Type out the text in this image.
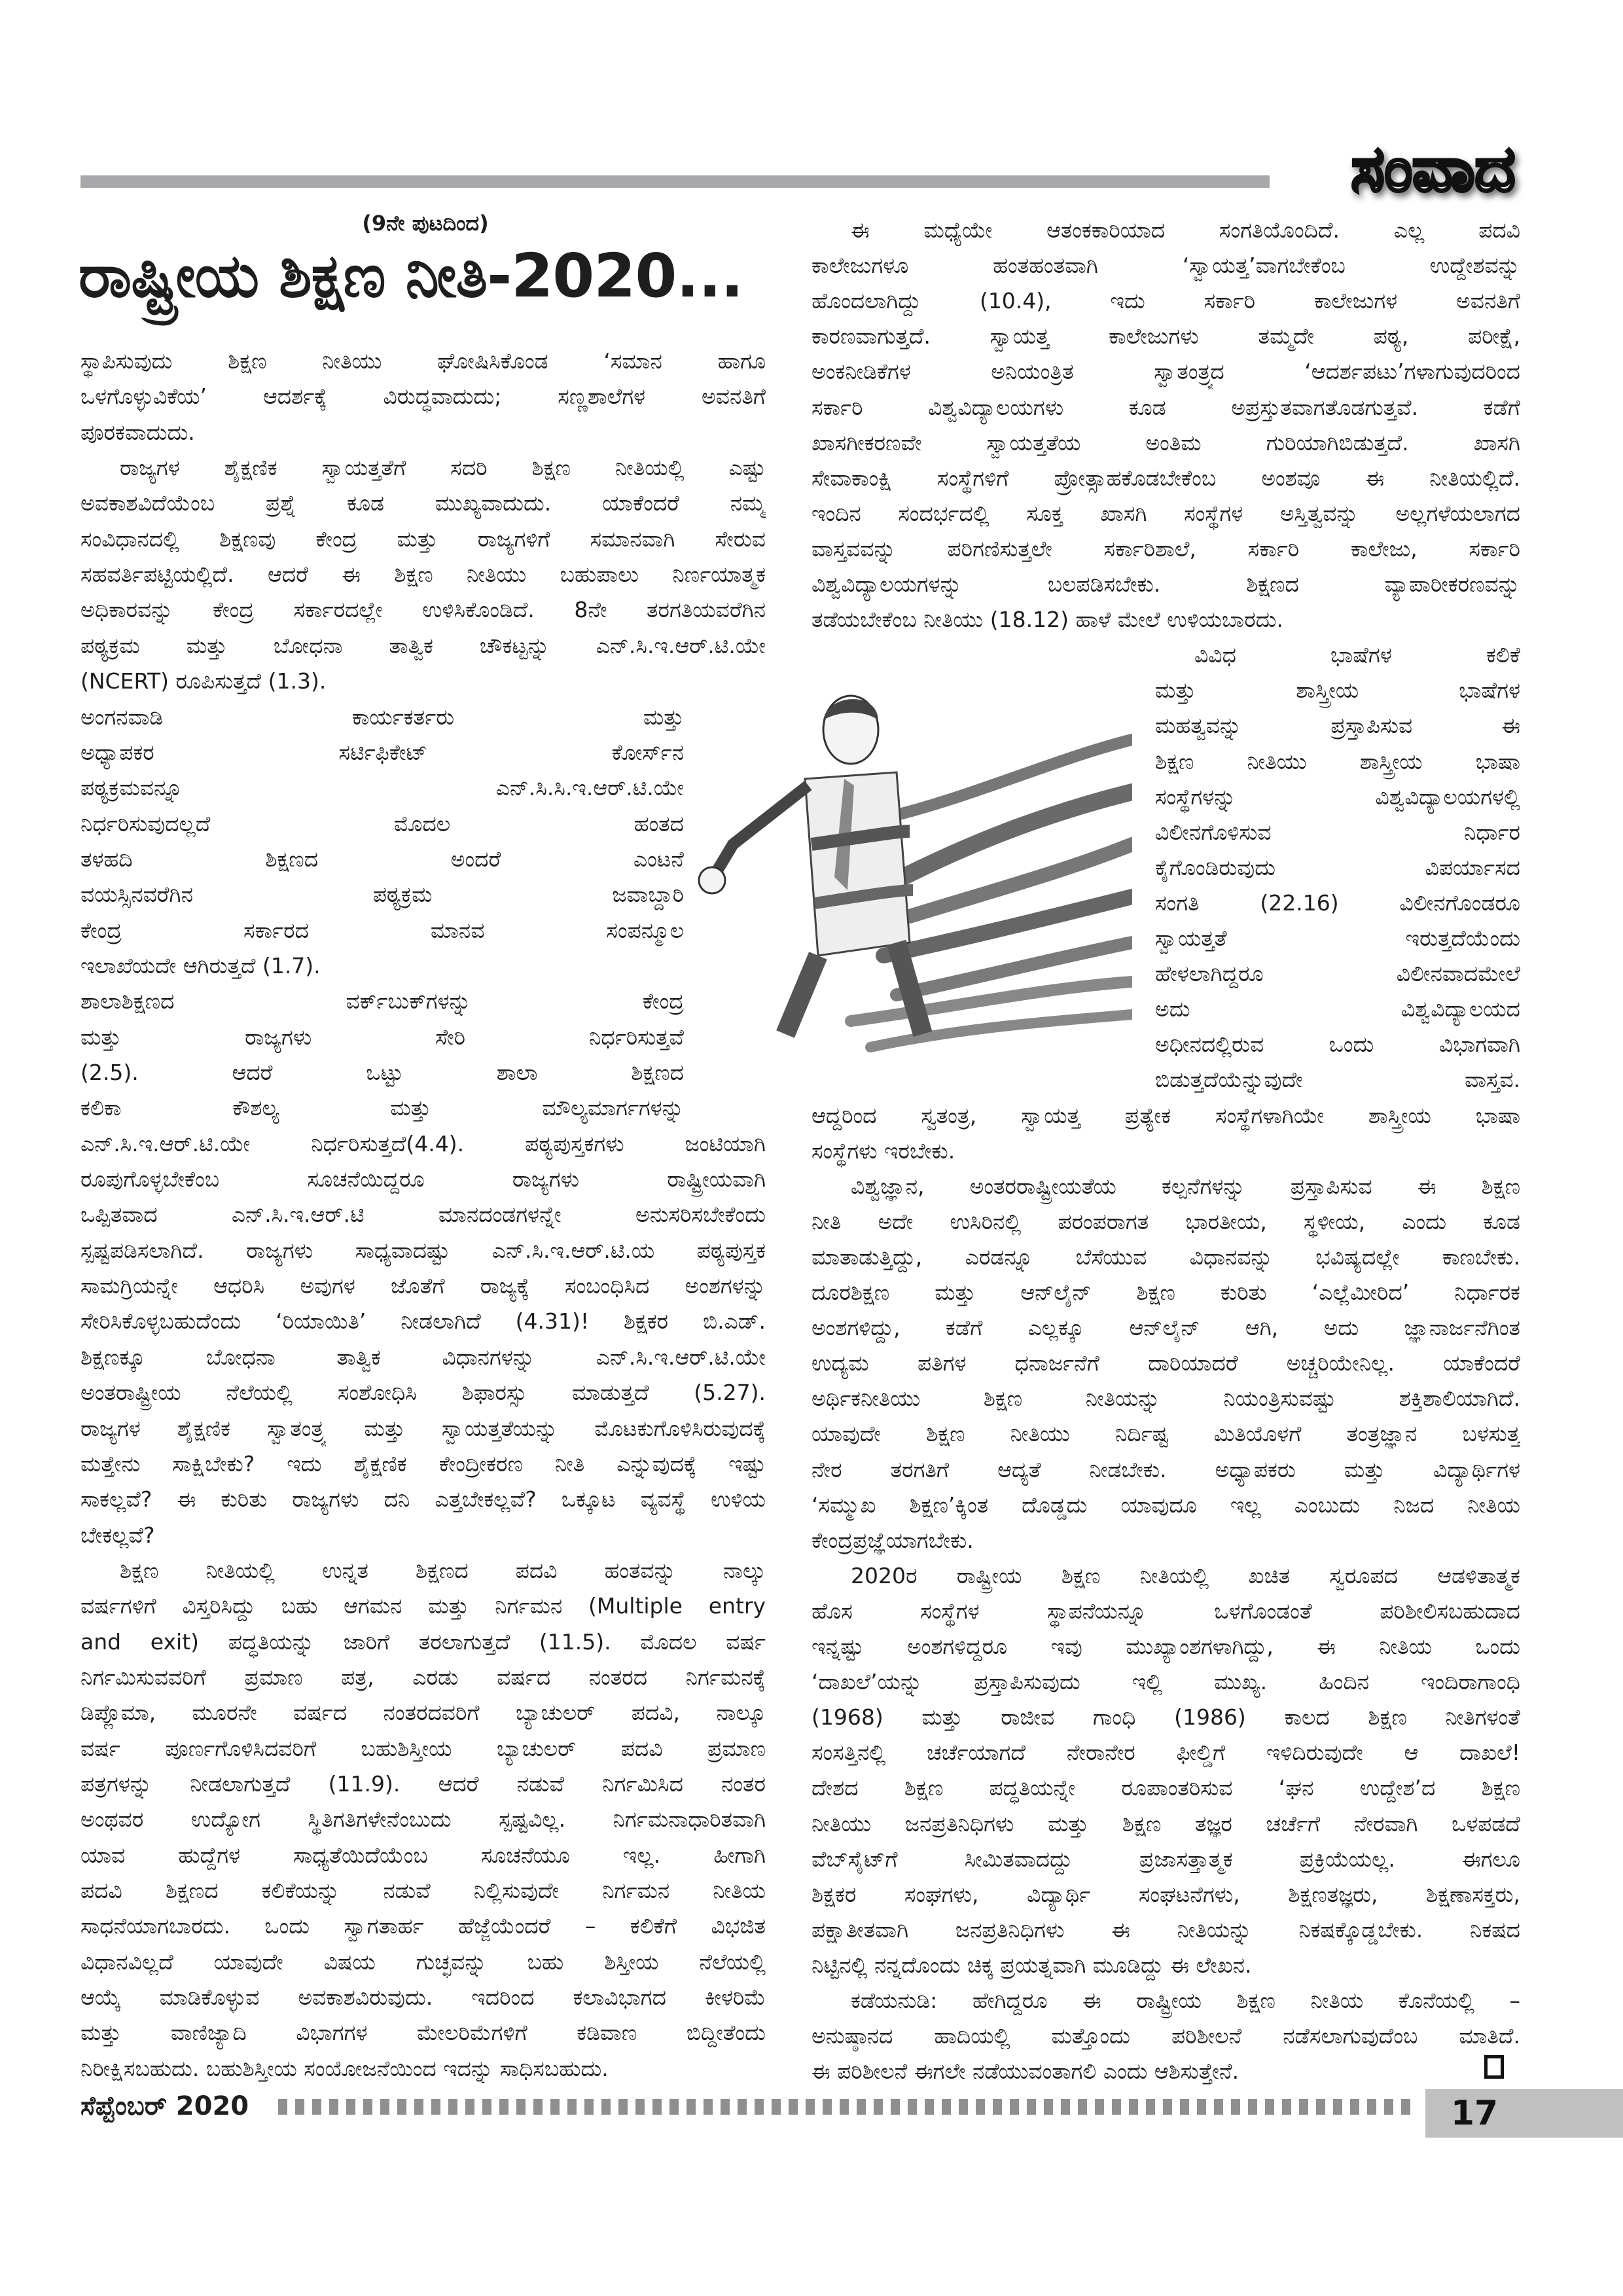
ಸಂವಾದ
(9ನೇ ಪುಟದಿಂದ)
ರಾಷ್ಟ್ರೀಯ ಶಿಕ್ಷಣ ನೀತಿ-2020...
ಸ್ಥಾಪಿಸುವುದು ಶಿಕ್ಷಣ ನೀತಿಯು ಘೋಷಿಸಿಕೊಂಡ ‘ಸಮಾನ ಹಾಗೂ
ಒಳಗೊಳ್ಳುವಿಕೆಯ’ ಆದರ್ಶಕ್ಕೆ ವಿರುದ್ಧವಾದುದು; ಸಣ್ಣಶಾಲೆಗಳ ಅವನತಿಗೆ
ಪೂರಕವಾದುದು.
ರಾಜ್ಯಗಳ ಶೈಕ್ಷಣಿಕ ಸ್ವಾಯತ್ತತೆಗೆ ಸದರಿ ಶಿಕ್ಷಣ ನೀತಿಯಲ್ಲಿ ಎಷ್ಟು
ಅವಕಾಶವಿದೆಯೆಂಬ ಪ್ರಶ್ನೆ ಕೂಡ ಮುಖ್ಯವಾದುದು. ಯಾಕೆಂದರೆ ನಮ್ಮ
ಸಂವಿಧಾನದಲ್ಲಿ ಶಿಕ್ಷಣವು ಕೇಂದ್ರ ಮತ್ತು ರಾಜ್ಯಗಳಿಗೆ ಸಮಾನವಾಗಿ ಸೇರುವ
ಸಹವರ್ತಿಪಟ್ಟಿಯಲ್ಲಿದೆ. ಆದರೆ ಈ ಶಿಕ್ಷಣ ನೀತಿಯು ಬಹುಪಾಲು ನಿರ್ಣಯಾತ್ಮಕ
ಅಧಿಕಾರವನ್ನು ಕೇಂದ್ರ ಸರ್ಕಾರದಲ್ಲೇ ಉಳಿಸಿಕೊಂಡಿದೆ. 8ನೇ ತರಗತಿಯವರೆಗಿನ
ಪಠ್ಯಕ್ರಮ ಮತ್ತು ಬೋಧನಾ ತಾತ್ವಿಕ ಚೌಕಟ್ಟನ್ನು ಎನ್.ಸಿ.ಇ.ಆರ್.ಟಿ.ಯೇ
(NCERT) ರೂಪಿಸುತ್ತದೆ (1.3).
ಅಂಗನವಾಡಿ ಕಾರ್ಯಕರ್ತರು ಮತ್ತು
ಅಧ್ಯಾಪಕರ ಸರ್ಟಿಫಿಕೇಟ್ ಕೋರ್ಸ್‌ನ
ಪಠ್ಯಕ್ರಮವನ್ನೂ ಎನ್.ಸಿ.ಸಿ.ಇ.ಆರ್.ಟಿ.ಯೇ
ನಿರ್ಧರಿಸುವುದಲ್ಲದೆ ಮೊದಲ ಹಂತದ
ತಳಹದಿ ಶಿಕ್ಷಣದ ಅಂದರೆ ಎಂಟನೆ
ವಯಸ್ಸಿನವರೆಗಿನ ಪಠ್ಯಕ್ರಮ ಜವಾಬ್ದಾರಿ
ಕೇಂದ್ರ ಸರ್ಕಾರದ ಮಾನವ ಸಂಪನ್ಮೂಲ
ಇಲಾಖೆಯದೇ ಆಗಿರುತ್ತದೆ (1.7).
ಶಾಲಾಶಿಕ್ಷಣದ ವರ್ಕ್‌ಬುಕ್‌ಗಳನ್ನು ಕೇಂದ್ರ
ಮತ್ತು ರಾಜ್ಯಗಳು ಸೇರಿ ನಿರ್ಧರಿಸುತ್ತವೆ
(2.5). ಆದರೆ ಒಟ್ಟು ಶಾಲಾ ಶಿಕ್ಷಣದ
ಕಲಿಕಾ ಕೌಶಲ್ಯ ಮತ್ತು ಮೌಲ್ಯಮಾರ್ಗಗಳನ್ನು
ಎನ್.ಸಿ.ಇ.ಆರ್.ಟಿ.ಯೇ ನಿರ್ಧರಿಸುತ್ತದೆ(4.4). ಪಠ್ಯಪುಸ್ತಕಗಳು ಜಂಟಿಯಾಗಿ
ರೂಪುಗೊಳ್ಳಬೇಕೆಂಬ ಸೂಚನೆಯಿದ್ದರೂ ರಾಜ್ಯಗಳು ರಾಷ್ಟ್ರೀಯವಾಗಿ
ಒಪ್ಪಿತವಾದ ಎನ್.ಸಿ.ಇ.ಆರ್.ಟಿ ಮಾನದಂಡಗಳನ್ನೇ ಅನುಸರಿಸಬೇಕೆಂದು
ಸ್ಪಷ್ಟಪಡಿಸಲಾಗಿದೆ. ರಾಜ್ಯಗಳು ಸಾಧ್ಯವಾದಷ್ಟು ಎನ್.ಸಿ.ಇ.ಆರ್.ಟಿ.ಯ ಪಠ್ಯಪುಸ್ತಕ
ಸಾಮಗ್ರಿಯನ್ನೇ ಆಧರಿಸಿ ಅವುಗಳ ಜೊತೆಗೆ ರಾಜ್ಯಕ್ಕೆ ಸಂಬಂಧಿಸಿದ ಅಂಶಗಳನ್ನು
ಸೇರಿಸಿಕೊಳ್ಳಬಹುದೆಂದು ‘ರಿಯಾಯಿತಿ’ ನೀಡಲಾಗಿದೆ (4.31)! ಶಿಕ್ಷಕರ ಬಿ.ಎಡ್.
ಶಿಕ್ಷಣಕ್ಕೂ ಬೋಧನಾ ತಾತ್ವಿಕ ವಿಧಾನಗಳನ್ನು ಎನ್.ಸಿ.ಇ.ಆರ್.ಟಿ.ಯೇ
ಅಂತರಾಷ್ಟ್ರೀಯ ನೆಲೆಯಲ್ಲಿ ಸಂಶೋಧಿಸಿ ಶಿಫಾರಸ್ಸು ಮಾಡುತ್ತದೆ (5.27).
ರಾಜ್ಯಗಳ ಶೈಕ್ಷಣಿಕ ಸ್ವಾತಂತ್ರ್ಯ ಮತ್ತು ಸ್ವಾಯತ್ತತೆಯನ್ನು ಮೊಟಕುಗೊಳಿಸಿರುವುದಕ್ಕೆ
ಮತ್ತೇನು ಸಾಕ್ಷಿಬೇಕು? ಇದು ಶೈಕ್ಷಣಿಕ ಕೇಂದ್ರೀಕರಣ ನೀತಿ ಎನ್ನುವುದಕ್ಕೆ ಇಷ್ಟು
ಸಾಕಲ್ಲವೆ? ಈ ಕುರಿತು ರಾಜ್ಯಗಳು ದನಿ ಎತ್ತಬೇಕಲ್ಲವೆ? ಒಕ್ಕೂಟ ವ್ಯವಸ್ಥೆ ಉಳಿಯ
ಬೇಕಲ್ಲವೆ?
ಶಿಕ್ಷಣ ನೀತಿಯಲ್ಲಿ ಉನ್ನತ ಶಿಕ್ಷಣದ ಪದವಿ ಹಂತವನ್ನು ನಾಲ್ಕು
ವರ್ಷಗಳಿಗೆ ವಿಸ್ತರಿಸಿದ್ದು ಬಹು ಆಗಮನ ಮತ್ತು ನಿರ್ಗಮನ (Multiple entry
and exit) ಪದ್ಧತಿಯನ್ನು ಜಾರಿಗೆ ತರಲಾಗುತ್ತದೆ (11.5). ಮೊದಲ ವರ್ಷ
ನಿರ್ಗಮಿಸುವವರಿಗೆ ಪ್ರಮಾಣ ಪತ್ರ, ಎರಡು ವರ್ಷದ ನಂತರದ ನಿರ್ಗಮನಕ್ಕೆ
ಡಿಪ್ಲೊಮಾ, ಮೂರನೇ ವರ್ಷದ ನಂತರದವರಿಗೆ ಬ್ಯಾಚುಲರ್ ಪದವಿ, ನಾಲ್ಕೂ
ವರ್ಷ ಪೂರ್ಣಗೊಳಿಸಿದವರಿಗೆ ಬಹುಶಿಸ್ತೀಯ ಬ್ಯಾಚುಲರ್ ಪದವಿ ಪ್ರಮಾಣ
ಪತ್ರಗಳನ್ನು ನೀಡಲಾಗುತ್ತದೆ (11.9). ಆದರೆ ನಡುವೆ ನಿರ್ಗಮಿಸಿದ ನಂತರ
ಅಂಥವರ ಉದ್ಯೋಗ ಸ್ಥಿತಿಗತಿಗಳೇನೆಂಬುದು ಸ್ಪಷ್ಟವಿಲ್ಲ. ನಿರ್ಗಮನಾಧಾರಿತವಾಗಿ
ಯಾವ ಹುದ್ದೆಗಳ ಸಾಧ್ಯತೆಯಿದೆಯೆಂಬ ಸೂಚನೆಯೂ ಇಲ್ಲ. ಹೀಗಾಗಿ
ಪದವಿ ಶಿಕ್ಷಣದ ಕಲಿಕೆಯನ್ನು ನಡುವೆ ನಿಲ್ಲಿಸುವುದೇ ನಿರ್ಗಮನ ನೀತಿಯ
ಸಾಧನೆಯಾಗಬಾರದು. ಒಂದು ಸ್ವಾಗತಾರ್ಹ ಹೆಜ್ಜೆಯೆಂದರೆ – ಕಲಿಕೆಗೆ ವಿಭಜಿತ
ವಿಧಾನವಿಲ್ಲದೆ ಯಾವುದೇ ವಿಷಯ ಗುಚ್ಛವನ್ನು ಬಹು ಶಿಸ್ತೀಯ ನೆಲೆಯಲ್ಲಿ
ಆಯ್ಕೆ ಮಾಡಿಕೊಳ್ಳುವ ಅವಕಾಶವಿರುವುದು. ಇದರಿಂದ ಕಲಾವಿಭಾಗದ ಕೀಳರಿಮೆ
ಮತ್ತು ವಾಣಿಜ್ಯಾದಿ ವಿಭಾಗಗಳ ಮೇಲರಿಮೆಗಳಿಗೆ ಕಡಿವಾಣ ಬಿದ್ದೀತೆಂದು
ನಿರೀಕ್ಷಿಸಬಹುದು. ಬಹುಶಿಸ್ತೀಯ ಸಂಯೋಜನೆಯಿಂದ ಇದನ್ನು ಸಾಧಿಸಬಹುದು.
ಈ ಮಧ್ಯೆಯೇ ಆತಂಕಕಾರಿಯಾದ ಸಂಗತಿಯೊಂದಿದೆ. ಎಲ್ಲ ಪದವಿ
ಕಾಲೇಜುಗಳೂ ಹಂತಹಂತವಾಗಿ ‘ಸ್ವಾಯತ್ತ’ವಾಗಬೇಕೆಂಬ ಉದ್ದೇಶವನ್ನು
ಹೊಂದಲಾಗಿದ್ದು (10.4), ಇದು ಸರ್ಕಾರಿ ಕಾಲೇಜುಗಳ ಅವನತಿಗೆ
ಕಾರಣವಾಗುತ್ತದೆ. ಸ್ವಾಯತ್ತ ಕಾಲೇಜುಗಳು ತಮ್ಮದೇ ಪಠ್ಯ, ಪರೀಕ್ಷೆ,
ಅಂಕನೀಡಿಕೆಗಳ ಅನಿಯಂತ್ರಿತ ಸ್ವಾತಂತ್ರ್ಯದ ‘ಆದರ್ಶಪಟು’ಗಳಾಗುವುದರಿಂದ
ಸರ್ಕಾರಿ ವಿಶ್ವವಿದ್ಯಾಲಯಗಳು ಕೂಡ ಅಪ್ರಸ್ತುತವಾಗತೊಡಗುತ್ತವೆ. ಕಡೆಗೆ
ಖಾಸಗೀಕರಣವೇ ಸ್ವಾಯತ್ತತೆಯ ಅಂತಿಮ ಗುರಿಯಾಗಿಬಿಡುತ್ತದೆ. ಖಾಸಗಿ
ಸೇವಾಕಾಂಕ್ಷಿ ಸಂಸ್ಥೆಗಳಿಗೆ ಪ್ರೋತ್ಸಾಹಕೊಡಬೇಕೆಂಬ ಅಂಶವೂ ಈ ನೀತಿಯಲ್ಲಿದೆ.
ಇಂದಿನ ಸಂದರ್ಭದಲ್ಲಿ ಸೂಕ್ತ ಖಾಸಗಿ ಸಂಸ್ಥೆಗಳ ಅಸ್ತಿತ್ವವನ್ನು ಅಲ್ಲಗಳೆಯಲಾಗದ
ವಾಸ್ತವವನ್ನು ಪರಿಗಣಿಸುತ್ತಲೇ ಸರ್ಕಾರಿಶಾಲೆ, ಸರ್ಕಾರಿ ಕಾಲೇಜು, ಸರ್ಕಾರಿ
ವಿಶ್ವವಿದ್ಯಾಲಯಗಳನ್ನು ಬಲಪಡಿಸಬೇಕು. ಶಿಕ್ಷಣದ ವ್ಯಾಪಾರೀಕರಣವನ್ನು
ತಡೆಯಬೇಕೆಂಬ ನೀತಿಯು (18.12) ಹಾಳೆ ಮೇಲೆ ಉಳಿಯಬಾರದು.
ವಿವಿಧ ಭಾಷೆಗಳ ಕಲಿಕೆ
ಮತ್ತು ಶಾಸ್ತ್ರೀಯ ಭಾಷೆಗಳ
ಮಹತ್ವವನ್ನು ಪ್ರಸ್ತಾಪಿಸುವ ಈ
ಶಿಕ್ಷಣ ನೀತಿಯು ಶಾಸ್ತ್ರೀಯ ಭಾಷಾ
ಸಂಸ್ಥೆಗಳನ್ನು ವಿಶ್ವವಿದ್ಯಾಲಯಗಳಲ್ಲಿ
ವಿಲೀನಗೊಳಿಸುವ ನಿರ್ಧಾರ
ಕೈಗೊಂಡಿರುವುದು ವಿಪರ್ಯಾಸದ
ಸಂಗತಿ (22.16) ವಿಲೀನಗೊಂಡರೂ
ಸ್ವಾಯತ್ತತೆ ಇರುತ್ತದೆಯೆಂದು
ಹೇಳಲಾಗಿದ್ದರೂ ವಿಲೀನವಾದಮೇಲೆ
ಅದು ವಿಶ್ವವಿದ್ಯಾಲಯದ
ಅಧೀನದಲ್ಲಿರುವ ಒಂದು ವಿಭಾಗವಾಗಿ
ಬಿಡುತ್ತದೆಯೆನ್ನುವುದೇ ವಾಸ್ತವ.
ಆದ್ದರಿಂದ ಸ್ವತಂತ್ರ, ಸ್ವಾಯತ್ತ ಪ್ರತ್ಯೇಕ ಸಂಸ್ಥೆಗಳಾಗಿಯೇ ಶಾಸ್ತ್ರೀಯ ಭಾಷಾ
ಸಂಸ್ಥೆಗಳು ಇರಬೇಕು.
ವಿಶ್ವಜ್ಞಾನ, ಅಂತರರಾಷ್ಟ್ರೀಯತೆಯ ಕಲ್ಪನೆಗಳನ್ನು ಪ್ರಸ್ತಾಪಿಸುವ ಈ ಶಿಕ್ಷಣ
ನೀತಿ ಅದೇ ಉಸಿರಿನಲ್ಲಿ ಪರಂಪರಾಗತ ಭಾರತೀಯ, ಸ್ಥಳೀಯ, ಎಂದು ಕೂಡ
ಮಾತಾಡುತ್ತಿದ್ದು, ಎರಡನ್ನೂ ಬೆಸೆಯುವ ವಿಧಾನವನ್ನು ಭವಿಷ್ಯದಲ್ಲೇ ಕಾಣಬೇಕು.
ದೂರಶಿಕ್ಷಣ ಮತ್ತು ಆನ್‌ಲೈನ್ ಶಿಕ್ಷಣ ಕುರಿತು ‘ಎಲ್ಲೆಮೀರಿದ’ ನಿರ್ಧಾರಕ
ಅಂಶಗಳಿದ್ದು, ಕಡೆಗೆ ಎಲ್ಲಕ್ಕೂ ಆನ್‌ಲೈನ್ ಆಗಿ, ಅದು ಜ್ಞಾನಾರ್ಜನೆಗಿಂತ
ಉದ್ಯಮ ಪತಿಗಳ ಧನಾರ್ಜನೆಗೆ ದಾರಿಯಾದರೆ ಅಚ್ಚರಿಯೇನಿಲ್ಲ. ಯಾಕೆಂದರೆ
ಅರ್ಥಿಕನೀತಿಯು ಶಿಕ್ಷಣ ನೀತಿಯನ್ನು ನಿಯಂತ್ರಿಸುವಷ್ಟು ಶಕ್ತಿಶಾಲಿಯಾಗಿದೆ.
ಯಾವುದೇ ಶಿಕ್ಷಣ ನೀತಿಯು ನಿರ್ದಿಷ್ಟ ಮಿತಿಯೊಳಗೆ ತಂತ್ರಜ್ಞಾನ ಬಳಸುತ್ತ
ನೇರ ತರಗತಿಗೆ ಆದ್ಯತೆ ನೀಡಬೇಕು. ಅಧ್ಯಾಪಕರು ಮತ್ತು ವಿದ್ಯಾರ್ಥಿಗಳ
‘ಸಮ್ಮುಖ ಶಿಕ್ಷಣ’ಕ್ಕಿಂತ ದೊಡ್ಡದು ಯಾವುದೂ ಇಲ್ಲ ಎಂಬುದು ನಿಜದ ನೀತಿಯ
ಕೇಂದ್ರಪ್ರಜ್ಞೆಯಾಗಬೇಕು.
2020ರ ರಾಷ್ಟ್ರೀಯ ಶಿಕ್ಷಣ ನೀತಿಯಲ್ಲಿ ಖಚಿತ ಸ್ವರೂಪದ ಆಡಳಿತಾತ್ಮಕ
ಹೊಸ ಸಂಸ್ಥೆಗಳ ಸ್ಥಾಪನೆಯನ್ನೂ ಒಳಗೊಂಡಂತೆ ಪರಿಶೀಲಿಸಬಹುದಾದ
ಇನ್ನಷ್ಟು ಅಂಶಗಳಿದ್ದರೂ ಇವು ಮುಖ್ಯಾಂಶಗಳಾಗಿದ್ದು, ಈ ನೀತಿಯ ಒಂದು
‘ದಾಖಲೆ’ಯನ್ನು ಪ್ರಸ್ತಾಪಿಸುವುದು ಇಲ್ಲಿ ಮುಖ್ಯ. ಹಿಂದಿನ ಇಂದಿರಾಗಾಂಧಿ
(1968) ಮತ್ತು ರಾಜೀವ ಗಾಂಧಿ (1986) ಕಾಲದ ಶಿಕ್ಷಣ ನೀತಿಗಳಂತೆ
ಸಂಸತ್ತಿನಲ್ಲಿ ಚರ್ಚೆಯಾಗದೆ ನೇರಾನೇರ ಫೀಲ್ಡಿಗೆ ಇಳಿದಿರುವುದೇ ಆ ದಾಖಲೆ!
ದೇಶದ ಶಿಕ್ಷಣ ಪದ್ಧತಿಯನ್ನೇ ರೂಪಾಂತರಿಸುವ ‘ಘನ ಉದ್ದೇಶ’ದ ಶಿಕ್ಷಣ
ನೀತಿಯು ಜನಪ್ರತಿನಿಧಿಗಳು ಮತ್ತು ಶಿಕ್ಷಣ ತಜ್ಞರ ಚರ್ಚೆಗೆ ನೇರವಾಗಿ ಒಳಪಡದೆ
ವೆಬ್‌ಸೈಟ್‌ಗೆ ಸೀಮಿತವಾದದ್ದು ಪ್ರಜಾಸತ್ತಾತ್ಮಕ ಪ್ರಕ್ರಿಯೆಯಲ್ಲ. ಈಗಲೂ
ಶಿಕ್ಷಕರ ಸಂಘಗಳು, ವಿದ್ಯಾರ್ಥಿ ಸಂಘಟನೆಗಳು, ಶಿಕ್ಷಣತಜ್ಞರು, ಶಿಕ್ಷಣಾಸಕ್ತರು,
ಪಕ್ಷಾತೀತವಾಗಿ ಜನಪ್ರತಿನಿಧಿಗಳು ಈ ನೀತಿಯನ್ನು ನಿಕಷಕ್ಕೊಡ್ಡಬೇಕು. ನಿಕಷದ
ನಿಟ್ಟಿನಲ್ಲಿ ನನ್ನದೊಂದು ಚಿಕ್ಕ ಪ್ರಯತ್ನವಾಗಿ ಮೂಡಿದ್ದು ಈ ಲೇಖನ.
ಕಡೆಯನುಡಿ: ಹೇಗಿದ್ದರೂ ಈ ರಾಷ್ಟ್ರೀಯ ಶಿಕ್ಷಣ ನೀತಿಯ ಕೊನೆಯಲ್ಲಿ –
ಅನುಷ್ಠಾನದ ಹಾದಿಯಲ್ಲಿ ಮತ್ತೊಂದು ಪರಿಶೀಲನೆ ನಡೆಸಲಾಗುವುದೆಂಬ ಮಾತಿದೆ.
ಈ ಪರಿಶೀಲನೆ ಈಗಲೇ ನಡೆಯುವಂತಾಗಲಿ ಎಂದು ಆಶಿಸುತ್ತೇನೆ.
ಸೆಪ್ಟೆಂಬರ್ 2020	17
